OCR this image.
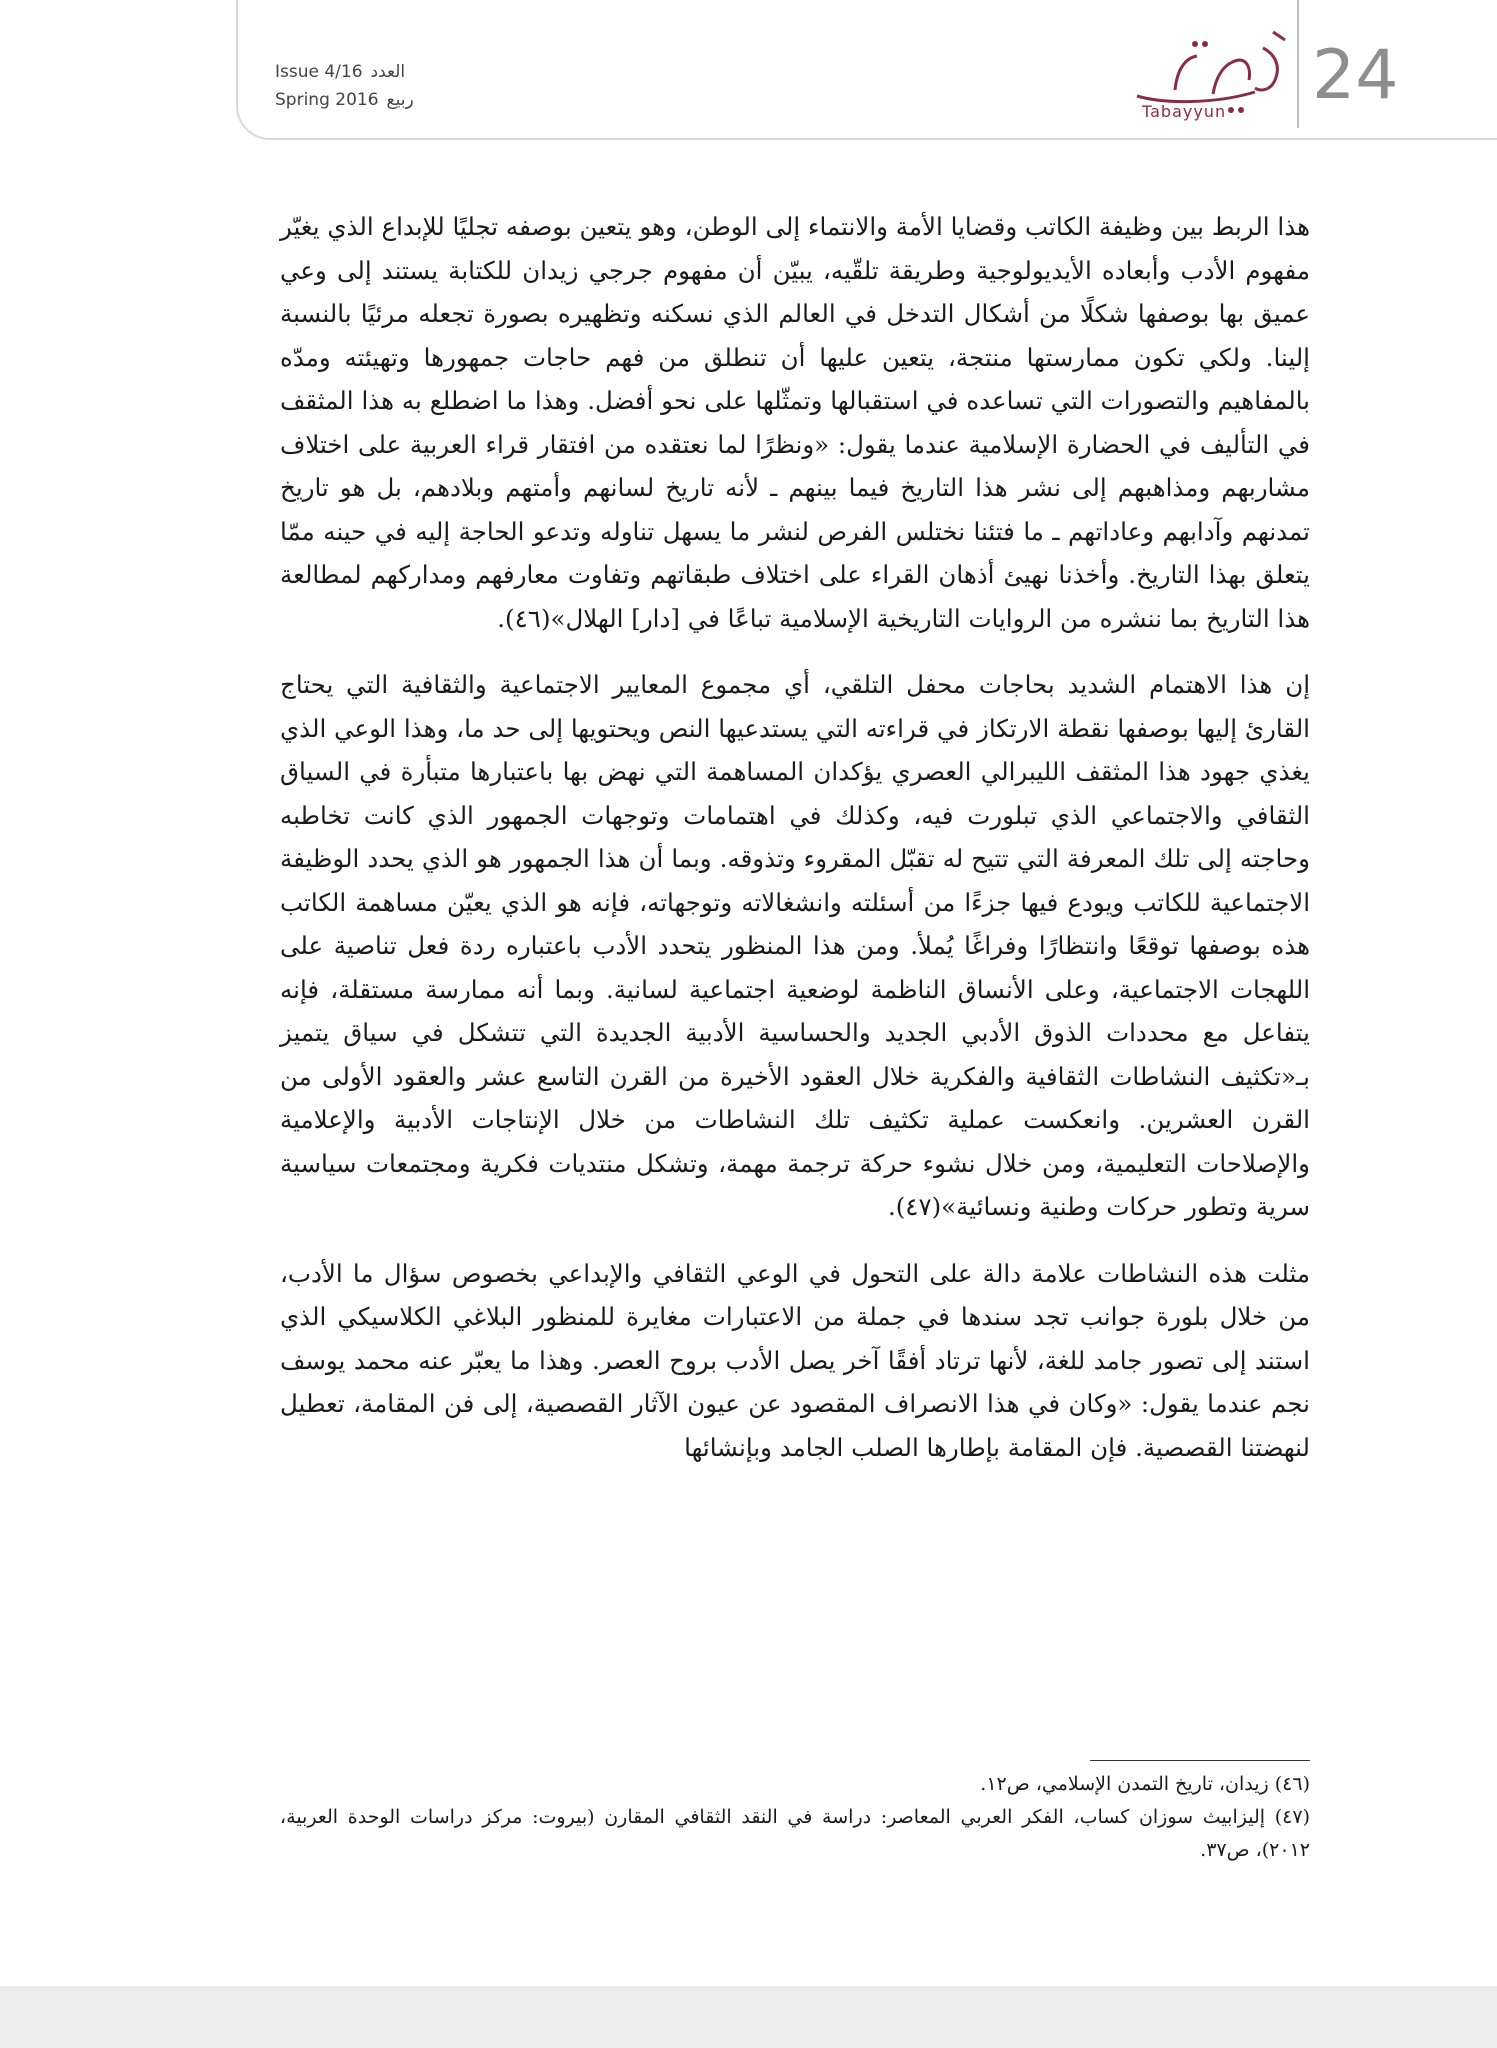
Issue 4/16 العدد
Spring 2016 ربيع
Tabayyun 24

هذا الربط بين وظيفة الكاتب وقضايا الأمة والانتماء إلى الوطن، وهو يتعين بوصفه تجليًا للإبداع الذي يغيّر مفهوم الأدب وأبعاده الأيديولوجية وطريقة تلقّيه، يبيّن أن مفهوم جرجي زيدان للكتابة يستند إلى وعي عميق بها بوصفها شكلًا من أشكال التدخل في العالم الذي نسكنه وتظهيره بصورة تجعله مرئيًا بالنسبة إلينا. ولكي تكون ممارستها منتجة، يتعين عليها أن تنطلق من فهم حاجات جمهورها وتهيئته ومدّه بالمفاهيم والتصورات التي تساعده في استقبالها وتمثّلها على نحو أفضل. وهذا ما اضطلع به هذا المثقف في التأليف في الحضارة الإسلامية عندما يقول: «ونظرًا لما نعتقده من افتقار قراء العربية على اختلاف مشاربهم ومذاهبهم إلى نشر هذا التاريخ فيما بينهم ـ لأنه تاريخ لسانهم وأمتهم وبلادهم، بل هو تاريخ تمدنهم وآدابهم وعاداتهم ـ ما فتئنا نختلس الفرص لنشر ما يسهل تناوله وتدعو الحاجة إليه في حينه ممّا يتعلق بهذا التاريخ. وأخذنا نهيئ أذهان القراء على اختلاف طبقاتهم وتفاوت معارفهم ومداركهم لمطالعة هذا التاريخ بما ننشره من الروايات التاريخية الإسلامية تباعًا في [دار] الهلال»(٤٦).

إن هذا الاهتمام الشديد بحاجات محفل التلقي، أي مجموع المعايير الاجتماعية والثقافية التي يحتاج القارئ إليها بوصفها نقطة الارتكاز في قراءته التي يستدعيها النص ويحتويها إلى حد ما، وهذا الوعي الذي يغذي جهود هذا المثقف الليبرالي العصري يؤكدان المساهمة التي نهض بها باعتبارها متبأرة في السياق الثقافي والاجتماعي الذي تبلورت فيه، وكذلك في اهتمامات وتوجهات الجمهور الذي كانت تخاطبه وحاجته إلى تلك المعرفة التي تتيح له تقبّل المقروء وتذوقه. وبما أن هذا الجمهور هو الذي يحدد الوظيفة الاجتماعية للكاتب ويودع فيها جزءًا من أسئلته وانشغالاته وتوجهاته، فإنه هو الذي يعيّن مساهمة الكاتب هذه بوصفها توقعًا وانتظارًا وفراغًا يُملأ. ومن هذا المنظور يتحدد الأدب باعتباره ردة فعل تناصية على اللهجات الاجتماعية، وعلى الأنساق الناظمة لوضعية اجتماعية لسانية. وبما أنه ممارسة مستقلة، فإنه يتفاعل مع محددات الذوق الأدبي الجديد والحساسية الأدبية الجديدة التي تتشكل في سياق يتميز بـ«تكثيف النشاطات الثقافية والفكرية خلال العقود الأخيرة من القرن التاسع عشر والعقود الأولى من القرن العشرين. وانعكست عملية تكثيف تلك النشاطات من خلال الإنتاجات الأدبية والإعلامية والإصلاحات التعليمية، ومن خلال نشوء حركة ترجمة مهمة، وتشكل منتديات فكرية ومجتمعات سياسية سرية وتطور حركات وطنية ونسائية»(٤٧).

مثلت هذه النشاطات علامة دالة على التحول في الوعي الثقافي والإبداعي بخصوص سؤال ما الأدب، من خلال بلورة جوانب تجد سندها في جملة من الاعتبارات مغايرة للمنظور البلاغي الكلاسيكي الذي استند إلى تصور جامد للغة، لأنها ترتاد أفقًا آخر يصل الأدب بروح العصر. وهذا ما يعبّر عنه محمد يوسف نجم عندما يقول: «وكان في هذا الانصراف المقصود عن عيون الآثار القصصية، إلى فن المقامة، تعطيل لنهضتنا القصصية. فإن المقامة بإطارها الصلب الجامد وبإنشائها

(٤٦) زيدان، تاريخ التمدن الإسلامي، ص١٢.

(٤٧) إليزابيث سوزان كساب، الفكر العربي المعاصر: دراسة في النقد الثقافي المقارن (بيروت: مركز دراسات الوحدة العربية، ٢٠١٢)، ص٣٧.
